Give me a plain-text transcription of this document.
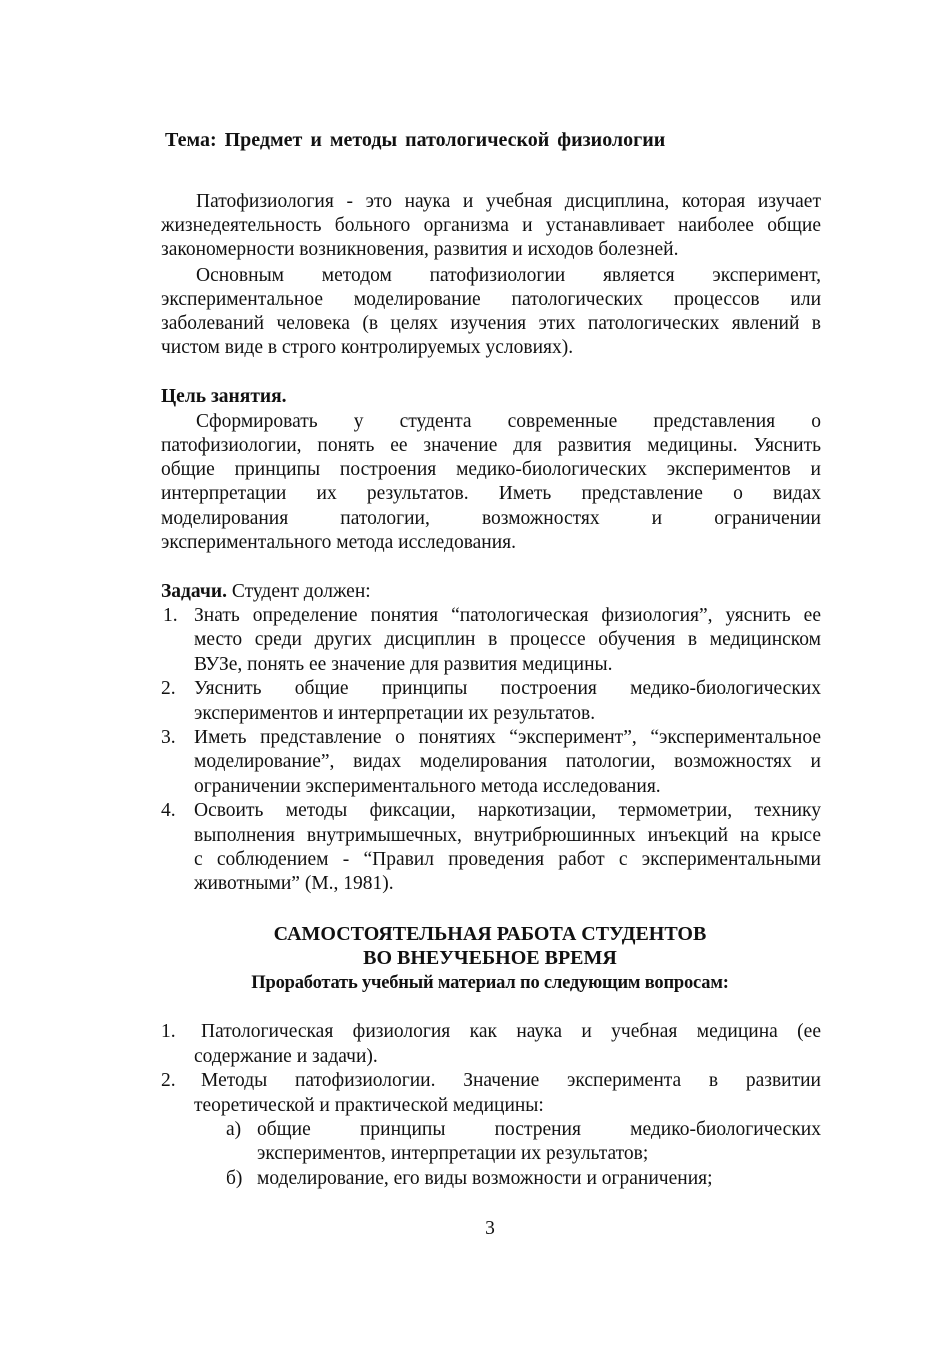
Тема: Предмет и методы патологической физиологии
Патофизиология - это наука и учебная дисциплина, которая изучает
жизнедеятельность больного организма и устанавливает наиболее общие
закономерности возникновения, развития и исходов болезней.
Основным методом патофизиологии является эксперимент,
экспериментальное моделирование патологических процессов или
заболеваний человека (в целях изучения этих патологических явлений в
чистом виде в строго контролируемых условиях).
Цель занятия.
Сформировать у студента современные представления о
патофизиологии, понять ее значение для развития медицины. Уяснить
общие принципы построения медико-биологических экспериментов и
интерпретации их результатов. Иметь представление о видах
моделирования патологии, возможностях и ограничении
экспериментального метода исследования.
Задачи. Студент должен:
1. Знать определение понятия “патологическая физиология”, уяснить ее
место среди других дисциплин в процессе обучения в медицинском
ВУЗе, понять ее значение для развития медицины.
2. Уяснить общие принципы построения медико-биологических
экспериментов и интерпретации их результатов.
3. Иметь представление о понятиях “эксперимент”, “экспериментальное
моделирование”, видах моделирования патологии, возможностях и
ограничении экспериментального метода исследования.
4. Освоить методы фиксации, наркотизации, термометрии, технику
выполнения внутримышечных, внутрибрюшинных инъекций на крысе
с соблюдением - “Правил проведения работ с экспериментальными
животными” (М., 1981).
САМОСТОЯТЕЛЬНАЯ РАБОТА СТУДЕНТОВ
ВО ВНЕУЧЕБНОЕ ВРЕМЯ
Проработать учебный материал по следующим вопросам:
1. Патологическая физиология как наука и учебная медицина (ее
содержание и задачи).
2. Методы патофизиологии. Значение эксперимента в развитии
теоретической и практической медицины:
а) общие принципы пострения медико-биологических
экспериментов, интерпретации их результатов;
б) моделирование, его виды возможности и ограничения;
3
